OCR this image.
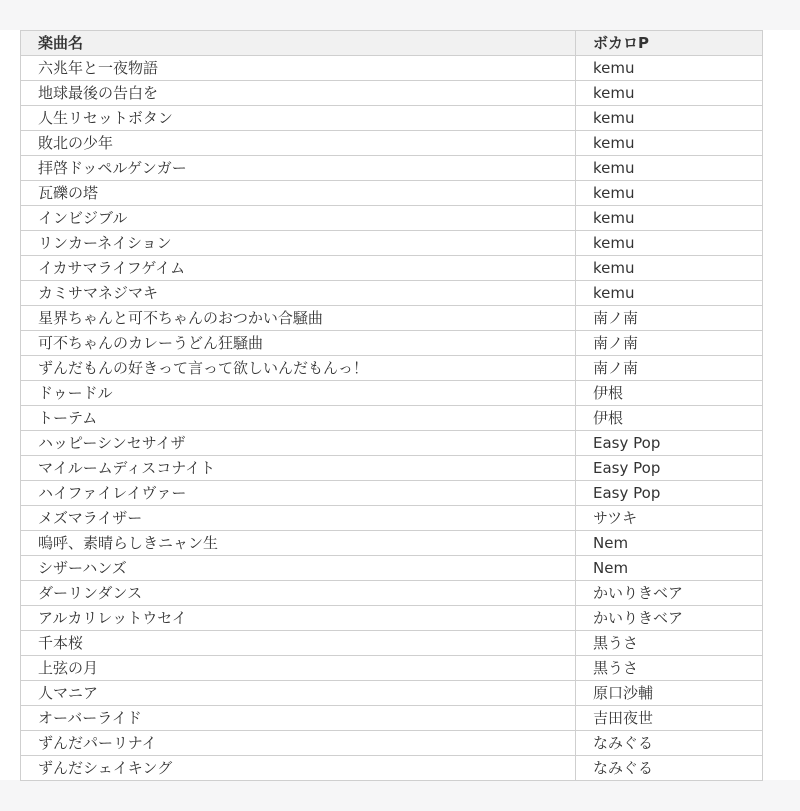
楽曲名	ボカロP
六兆年と一夜物語	kemu
地球最後の告白を	kemu
人生リセットボタン	kemu
敗北の少年	kemu
拝啓ドッペルゲンガー	kemu
瓦礫の塔	kemu
インビジブル	kemu
リンカーネイション	kemu
イカサマライフゲイム	kemu
カミサマネジマキ	kemu
星界ちゃんと可不ちゃんのおつかい合騒曲	南ノ南
可不ちゃんのカレーうどん狂騒曲	南ノ南
ずんだもんの好きって言って欲しいんだもんっ！	南ノ南
ドゥードル	伊根
トーテム	伊根
ハッピーシンセサイザ	Easy Pop
マイルームディスコナイト	Easy Pop
ハイファイレイヴァー	Easy Pop
メズマライザー	サツキ
嗚呼、素晴らしきニャン生	Nem
シザーハンズ	Nem
ダーリンダンス	かいりきベア
アルカリレットウセイ	かいりきベア
千本桜	黒うさ
上弦の月	黒うさ
人マニア	原口沙輔
オーバーライド	吉田夜世
ずんだパーリナイ	なみぐる
ずんだシェイキング	なみぐる
